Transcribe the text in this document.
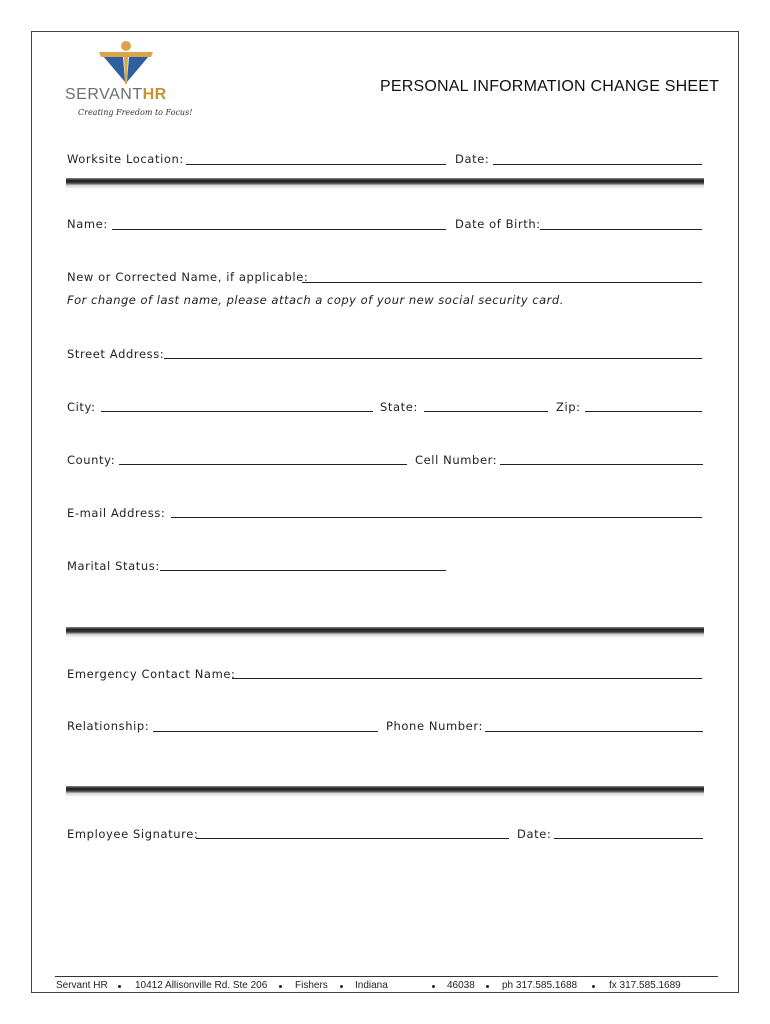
SERVANTHR
Creating Freedom to Focus!
PERSONAL INFORMATION CHANGE SHEET
Worksite Location:	Date:
Name:	Date of Birth:
New or Corrected Name, if applicable:
For change of last name, please attach a copy of your new social security card.
Street Address:
City:	State:	Zip:
County:	Cell Number:
E-mail Address:
Marital Status:
Emergency Contact Name:
Relationship:	Phone Number:
Employee Signature:	Date:
Servant HR	10412 Allisonville Rd. Ste 206	Fishers	Indiana	46038	ph 317.585.1688	fx 317.585.1689
